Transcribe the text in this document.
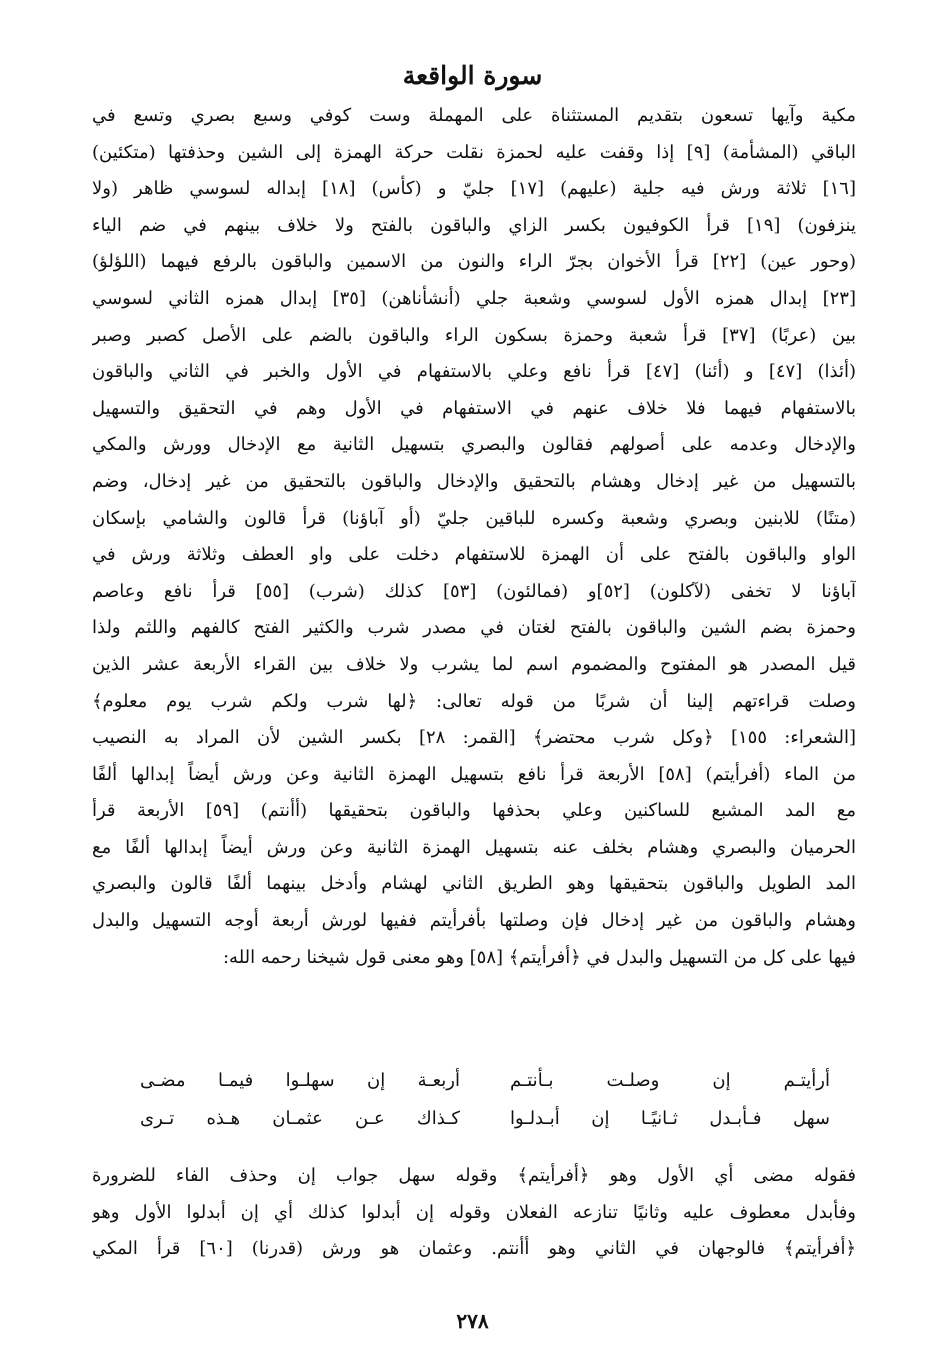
سورة الواقعة
مكية وآيها تسعون بتقديم المستثناة على المهملة وست كوفي وسبع بصري وتسع في
الباقي (المشأمة) [٩] إذا وقفت عليه لحمزة نقلت حركة الهمزة إلى الشين وحذفتها (متكئين)
[١٦] ثلاثة ورش فيه جلية (عليهم) [١٧] جليّ و (كأس) [١٨] إبداله لسوسي ظاهر (ولا
ينزفون) [١٩] قرأ الكوفيون بكسر الزاي والباقون بالفتح ولا خلاف بينهم في ضم الياء
(وحور عين) [٢٢] قرأ الأخوان بجرّ الراء والنون من الاسمين والباقون بالرفع فيهما (اللؤلؤ)
[٢٣] إبدال همزه الأول لسوسي وشعبة جلي (أنشأناهن) [٣٥] إبدال همزه الثاني لسوسي
بين (عربًا) [٣٧] قرأ شعبة وحمزة بسكون الراء والباقون بالضم على الأصل كصبر وصبر
(أئذا) [٤٧] و (أئنا) [٤٧] قرأ نافع وعلي بالاستفهام في الأول والخبر في الثاني والباقون
بالاستفهام فيهما فلا خلاف عنهم في الاستفهام في الأول وهم في التحقيق والتسهيل
والإدخال وعدمه على أصولهم فقالون والبصري بتسهيل الثانية مع الإدخال وورش والمكي
بالتسهيل من غير إدخال وهشام بالتحقيق والإدخال والباقون بالتحقيق من غير إدخال، وضم
(متنًا) للابنين وبصري وشعبة وكسره للباقين جليّ (أو آباؤنا) قرأ قالون والشامي بإسكان
الواو والباقون بالفتح على أن الهمزة للاستفهام دخلت على واو العطف وثلاثة ورش في
آباؤنا لا تخفى (لآكلون) [٥٢]و (فمالئون) [٥٣] كذلك (شرب) [٥٥] قرأ نافع وعاصم
وحمزة بضم الشين والباقون بالفتح لغتان في مصدر شرب والكثير الفتح كالفهم واللثم ولذا
قيل المصدر هو المفتوح والمضموم اسم لما يشرب ولا خلاف بين القراء الأربعة عشر الذين
وصلت قراءتهم إلينا أن شربًا من قوله تعالى: ﴿لها شرب ولكم شرب يوم معلوم﴾
[الشعراء: ١٥٥] ﴿وكل شرب محتضر﴾ [القمر: ٢٨] بكسر الشين لأن المراد به النصيب
من الماء (أفرأيتم) [٥٨] الأربعة قرأ نافع بتسهيل الهمزة الثانية وعن ورش أيضاً إبدالها ألفًا
مع المد المشبع للساكنين وعلي بحذفها والباقون بتحقيقها (أأنتم) [٥٩] الأربعة قرأ
الحرميان والبصري وهشام بخلف عنه بتسهيل الهمزة الثانية وعن ورش أيضاً إبدالها ألفًا مع
المد الطويل والباقون بتحقيقها وهو الطريق الثاني لهشام وأدخل بينهما ألفًا قالون والبصري
وهشام والباقون من غير إدخال فإن وصلتها بأفرأيتم ففيها لورش أربعة أوجه التسهيل والبدل
فيها على كل من التسهيل والبدل في ﴿أفرأيتم﴾ [٥٨] وهو معنى قول شيخنا رحمه الله:
أرأيتـم إن وصلـت بـأنتـم
أربعـة إن سهلـوا فيمـا مضـى
سهل فـأبـدل ثـانيًـا إن أبـدلـوا
كـذاك عـن عثمـان هـذه تـرى
فقوله مضى أي الأول وهو ﴿أفرأيتم﴾ وقوله سهل جواب إن وحذف الفاء للضرورة
وفأبدل معطوف عليه وثانيًا تنازعه الفعلان وقوله إن أبدلوا كذلك أي إن أبدلوا الأول وهو
﴿أفرأيتم﴾ فالوجهان في الثاني وهو أأنتم. وعثمان هو ورش (قدرنا) [٦٠] قرأ المكي
٢٧٨
